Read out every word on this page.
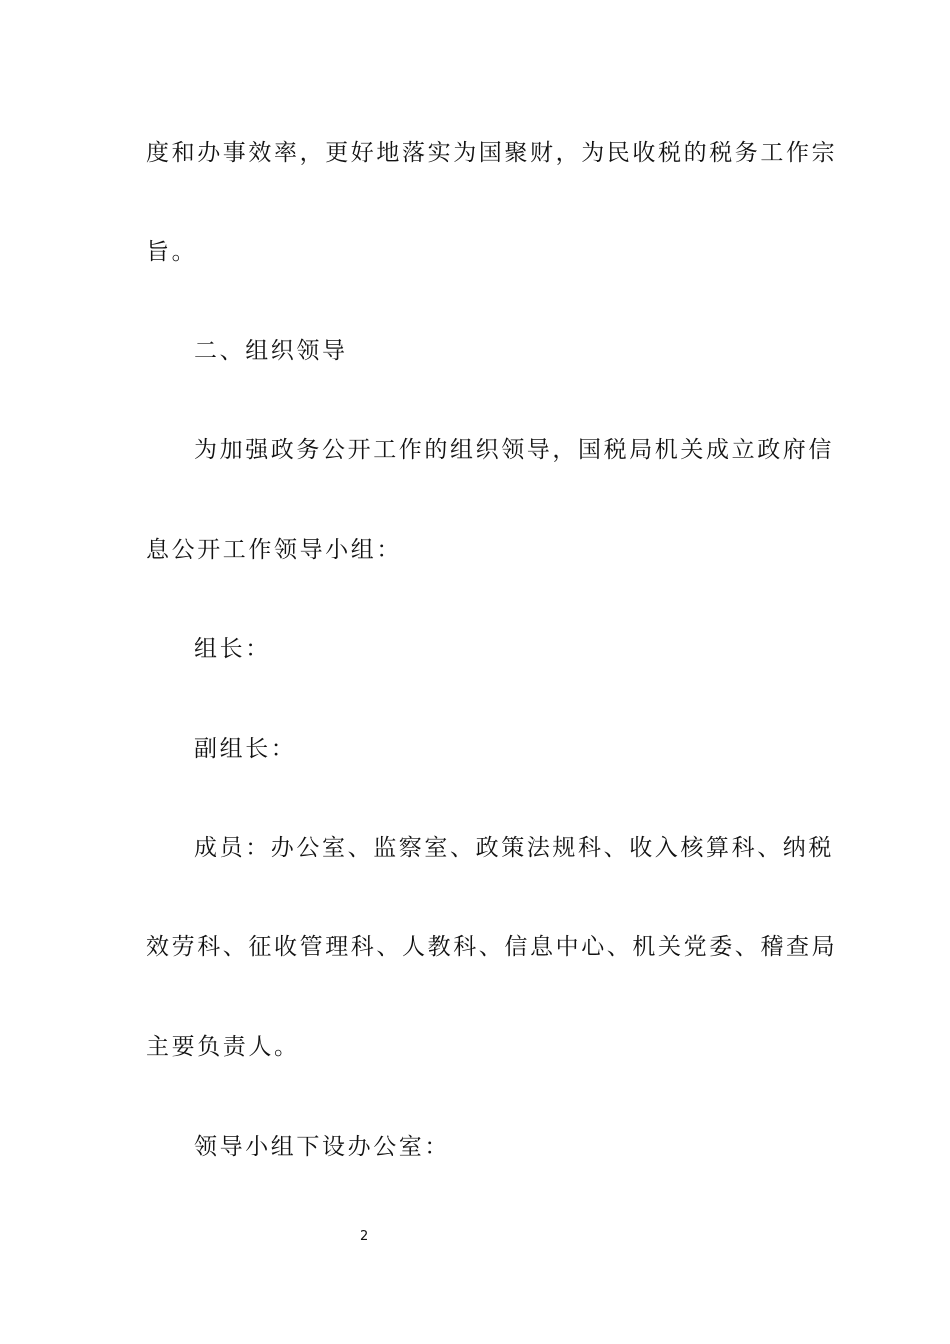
度和办事效率，更好地落实为国聚财，为民收税的税务工作宗
旨。
二、组织领导
为加强政务公开工作的组织领导，国税局机关成立政府信
息公开工作领导小组：
组长：
副组长：
成员：办公室、监察室、政策法规科、收入核算科、纳税
效劳科、征收管理科、人教科、信息中心、机关党委、稽查局
主要负责人。
领导小组下设办公室：
2
